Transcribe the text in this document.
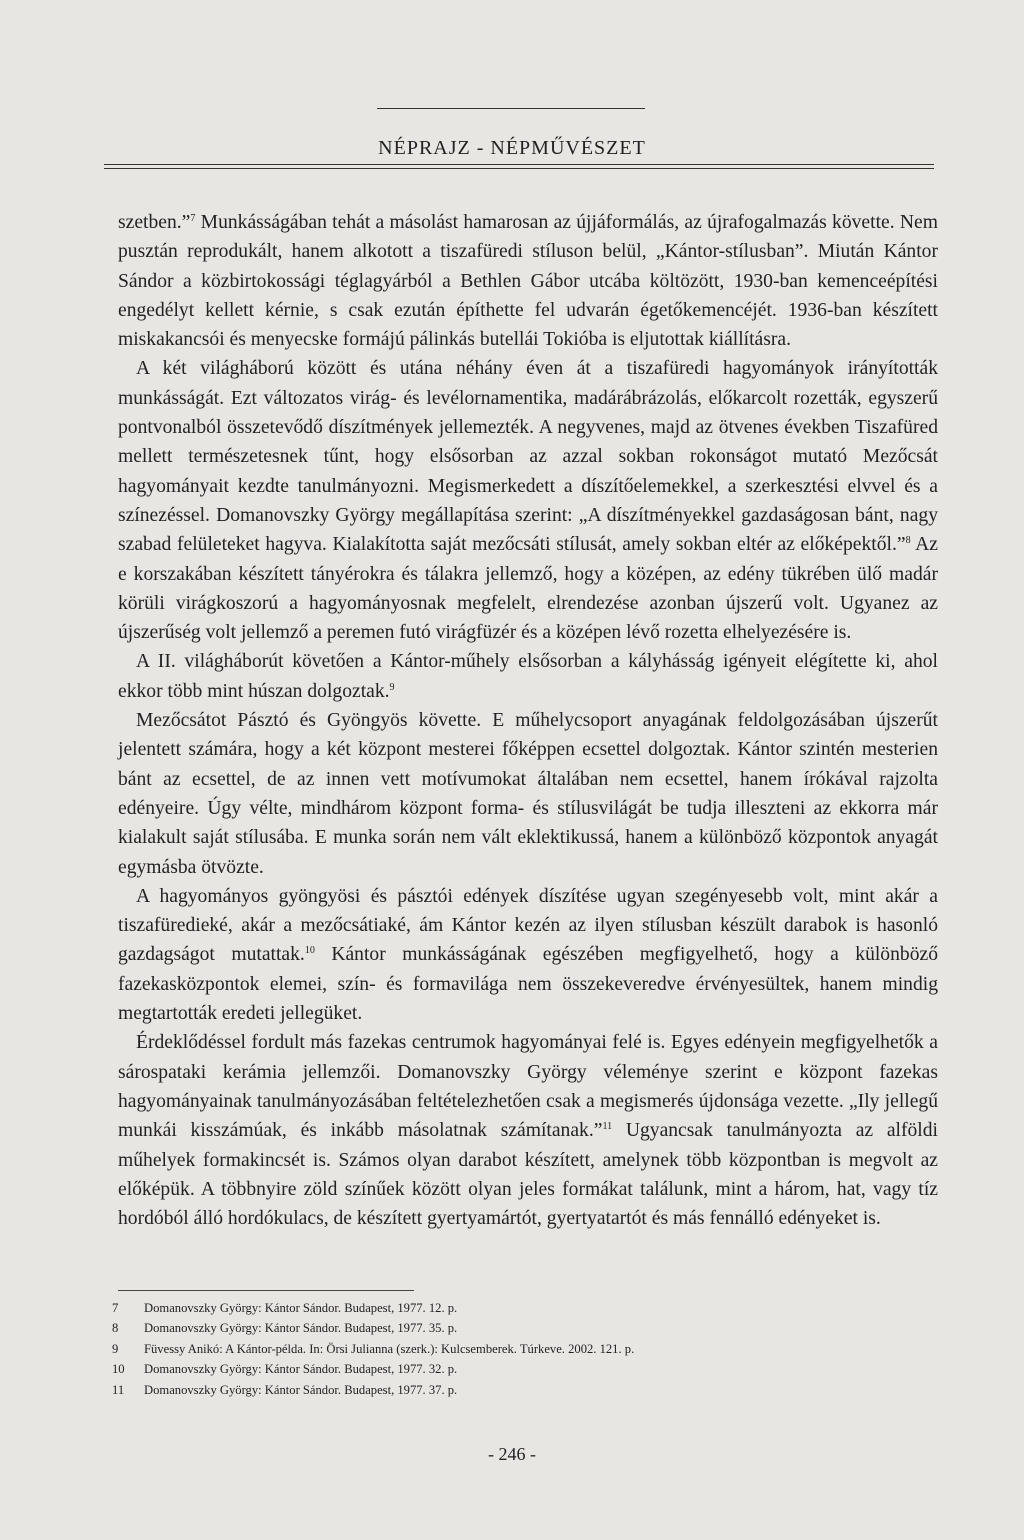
NÉPRAJZ - NÉPMŰVÉSZET

szetben.”$^7$ Munkásságában tehát a másolást hamarosan az újjáformálás, az újrafogalmazás követte. Nem pusztán reprodukált, hanem alkotott a tiszafüredi stíluson belül, „Kántor-stílusban”. Miután Kántor Sándor a közbirtokossági téglagyárból a Bethlen Gábor utcába költözött, 1930-ban kemenceépítési engedélyt kellett kérnie, s csak ezután építhette fel udvarán égetőkemencéjét. 1936-ban készített miskakancsói és menyecske formájú pálinkás butellái Tokióba is eljutottak kiállításra.

A két világháború között és utána néhány éven át a tiszafüredi hagyományok irányították munkásságát. Ezt változatos virág- és levélornamentika, madárábrázolás, előkarcolt rozetták, egyszerű pontvonalból összetevődő díszítmények jellemezték. A negyvenes, majd az ötvenes években Tiszafüred mellett természetesnek tűnt, hogy elsősorban az azzal sokban rokonságot mutató Mezőcsát hagyományait kezdte tanulmányozni. Megismerkedett a díszítőelemekkel, a szerkesztési elvvel és a színezéssel. Domanovszky György megállapítása szerint: „A díszítményekkel gazdaságosan bánt, nagy szabad felületeket hagyva. Kialakította saját mezőcsáti stílusát, amely sokban eltér az előképektől.”$^8$ Az e korszakában készített tányérokra és tálakra jellemző, hogy a középen, az edény tükrében ülő madár körüli virágkoszorú a hagyományosnak megfelelt, elrendezése azonban újszerű volt. Ugyanez az újszerűség volt jellemző a peremen futó virágfüzér és a középen lévő rozetta elhelyezésére is.

A II. világháborút követően a Kántor-műhely elsősorban a kályhásság igényeit elégítette ki, ahol ekkor több mint húszan dolgoztak.$^9$

Mezőcsátot Pásztó és Gyöngyös követte. E műhelycsoport anyagának feldolgozásában újszerűt jelentett számára, hogy a két központ mesterei főképpen ecsettel dolgoztak. Kántor szintén mesterien bánt az ecsettel, de az innen vett motívumokat általában nem ecsettel, hanem írókával rajzolta edényeire. Úgy vélte, mindhárom központ forma- és stílusvilágát be tudja illeszteni az ekkorra már kialakult saját stílusába. E munka során nem vált eklektikussá, hanem a különböző központok anyagát egymásba ötvözte.

A hagyományos gyöngyösi és pásztói edények díszítése ugyan szegényesebb volt, mint akár a tiszafüredieké, akár a mezőcsátiaké, ám Kántor kezén az ilyen stílusban készült darabok is hasonló gazdagságot mutattak.$^{10}$ Kántor munkásságának egészében megfigyelhető, hogy a különböző fazekasközpontok elemei, szín- és formavilága nem összekeveredve érvényesültek, hanem mindig megtartották eredeti jellegüket.

Érdeklődéssel fordult más fazekas centrumok hagyományai felé is. Egyes edényein megfigyelhetők a sárospataki kerámia jellemzői. Domanovszky György véleménye szerint e központ fazekas hagyományainak tanulmányozásában feltételezhetően csak a megismerés újdonsága vezette. „Ily jellegű munkái kisszámúak, és inkább másolatnak számítanak.”$^{11}$ Ugyancsak tanulmányozta az alföldi műhelyek formakincsét is. Számos olyan darabot készített, amelynek több központban is megvolt az előképük. A többnyire zöld színűek között olyan jeles formákat találunk, mint a három, hat, vagy tíz hordóból álló hordókulacs, de készített gyertyamártót, gyertyatartót és más fennálló edényeket is.

7	Domanovszky György: Kántor Sándor. Budapest, 1977. 12. p.
8	Domanovszky György: Kántor Sándor. Budapest, 1977. 35. p.
9	Füvessy Anikó: A Kántor-példa. In: Örsi Julianna (szerk.): Kulcsemberek. Túrkeve. 2002. 121. p.
10	Domanovszky György: Kántor Sándor. Budapest, 1977. 32. p.
11	Domanovszky György: Kántor Sándor. Budapest, 1977. 37. p.
- 246 -
